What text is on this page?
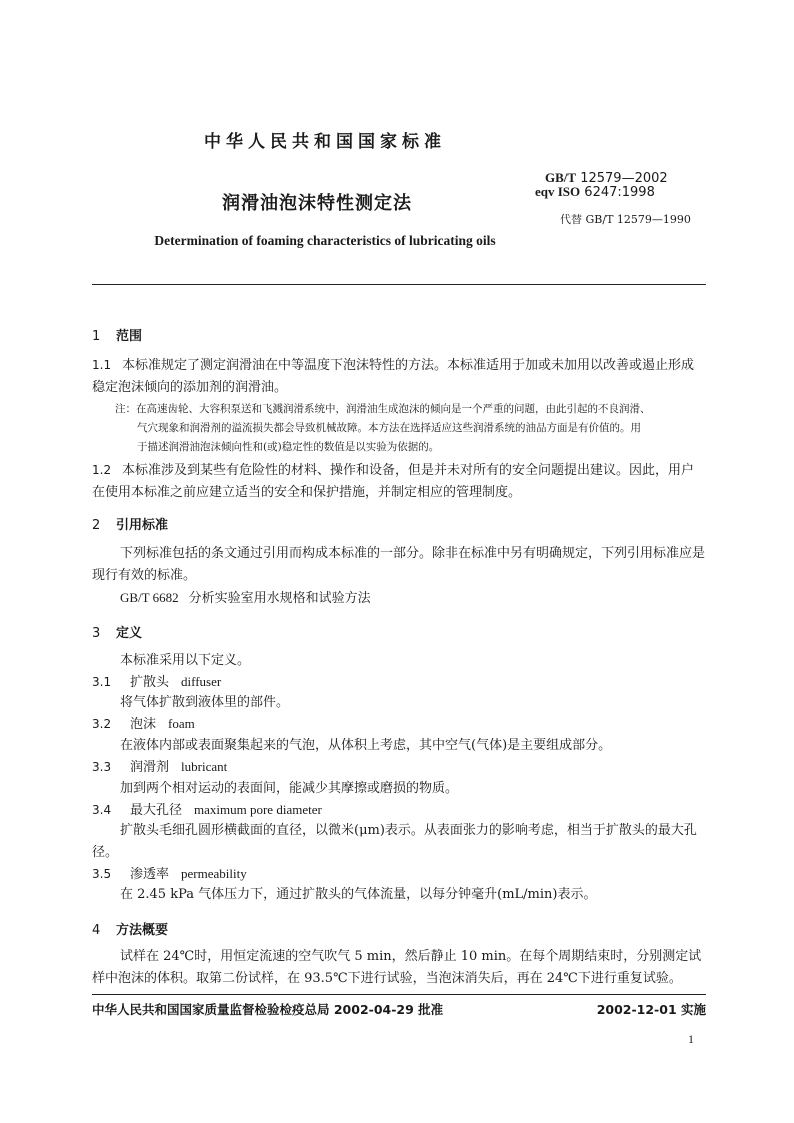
中华人民共和国国家标准
GB/T 12579—2002
eqv ISO 6247:1998
代替 GB/T 12579—1990
润滑油泡沫特性测定法
Determination of foaming characteristics of lubricating oils
1 范围
1.1 本标准规定了测定润滑油在中等温度下泡沫特性的方法。本标准适用于加或未加用以改善或遏止形成稳定泡沫倾向的添加剂的润滑油。
注：在高速齿轮、大容积泵送和飞溅润滑系统中，润滑油生成泡沫的倾向是一个严重的问题，由此引起的不良润滑、
气穴现象和润滑剂的溢流损失都会导致机械故障。本方法在选择适应这些润滑系统的油品方面是有价值的。用
于描述润滑油泡沫倾向性和(或)稳定性的数值是以实验为依据的。
1.2 本标准涉及到某些有危险性的材料、操作和设备，但是并未对所有的安全问题提出建议。因此，用户在使用本标准之前应建立适当的安全和保护措施，并制定相应的管理制度。
2 引用标准
下列标准包括的条文通过引用而构成本标准的一部分。除非在标准中另有明确规定，下列引用标准应是现行有效的标准。
GB/T 6682 分析实验室用水规格和试验方法
3 定义
本标准采用以下定义。
3.1 扩散头 diffuser
将气体扩散到液体里的部件。
3.2 泡沫 foam
在液体内部或表面聚集起来的气泡，从体积上考虑，其中空气(气体)是主要组成部分。
3.3 润滑剂 lubricant
加到两个相对运动的表面间，能减少其摩擦或磨损的物质。
3.4 最大孔径 maximum pore diameter
扩散头毛细孔圆形横截面的直径，以微米(μm)表示。从表面张力的影响考虑，相当于扩散头的最大孔径。
3.5 渗透率 permeability
在 2.45 kPa 气体压力下，通过扩散头的气体流量，以每分钟毫升(mL/min)表示。
4 方法概要
试样在 24℃时，用恒定流速的空气吹气 5 min，然后静止 10 min。在每个周期结束时，分别测定试样中泡沫的体积。取第二份试样，在 93.5℃下进行试验，当泡沫消失后，再在 24℃下进行重复试验。
中华人民共和国国家质量监督检验检疫总局 2002-04-29 批准	2002-12-01 实施
1
